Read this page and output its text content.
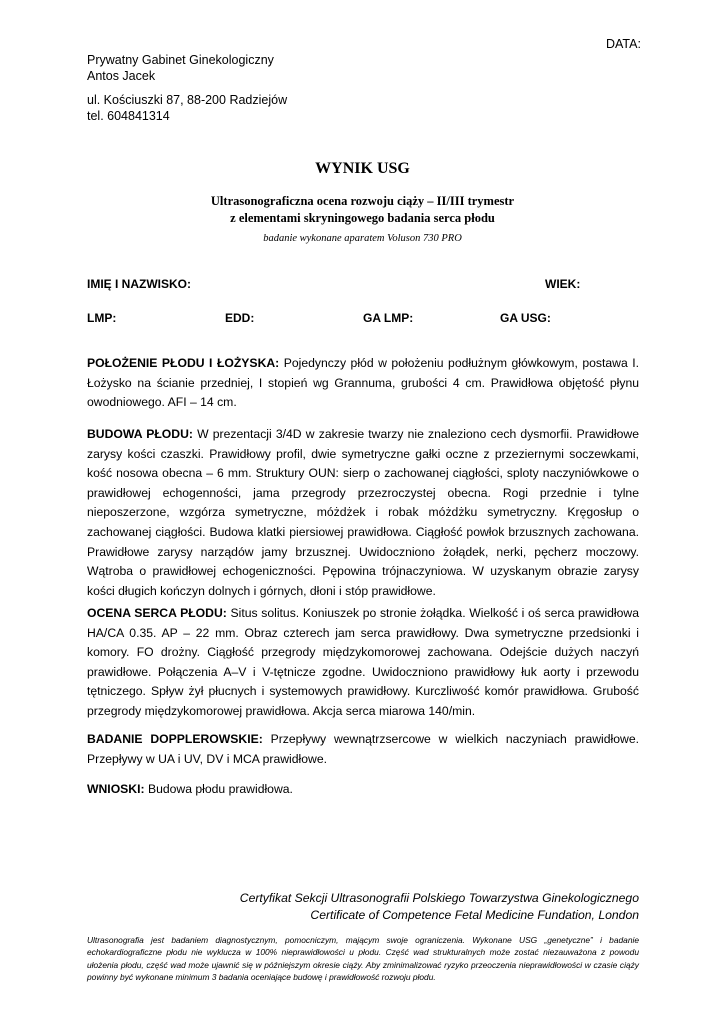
DATA:
Prywatny Gabinet Ginekologiczny
Antos Jacek
ul. Kościuszki 87, 88-200 Radziejów
tel. 604841314
WYNIK USG
Ultrasonograficzna ocena rozwoju ciąży – II/III trymestr
z elementami skryningowego badania serca płodu
badanie wykonane aparatem Voluson 730 PRO
IMIĘ I NAZWISKO:	WIEK:
LMP:	EDD:	GA LMP:	GA USG:

POŁOŻENIE PŁODU I ŁOŻYSKA: Pojedynczy płód w położeniu podłużnym główkowym, postawa I. Łożysko na ścianie przedniej, I stopień wg Grannuma, grubości 4 cm. Prawidłowa objętość płynu owodniowego. AFI – 14 cm.

BUDOWA PŁODU: W prezentacji 3/4D w zakresie twarzy nie znaleziono cech dysmorfii. Prawidłowe zarysy kości czaszki. Prawidłowy profil, dwie symetryczne gałki oczne z przeziernymi soczewkami, kość nosowa obecna – 6 mm. Struktury OUN: sierp o zachowanej ciągłości, sploty naczyniówkowe o prawidłowej echogenności, jama przegrody przezroczystej obecna. Rogi przednie i tylne nieposzerzone, wzgórza symetryczne, móżdżek i robak móżdżku symetryczny. Kręgosłup o zachowanej ciągłości. Budowa klatki piersiowej prawidłowa. Ciągłość powłok brzusznych zachowana. Prawidłowe zarysy narządów jamy brzusznej. Uwidoczniono żołądek, nerki, pęcherz moczowy. Wątroba o prawidłowej echogeniczności. Pępowina trójnaczyniowa. W uzyskanym obrazie zarysy kości długich kończyn dolnych i górnych, dłoni i stóp prawidłowe.

OCENA SERCA PŁODU: Situs solitus. Koniuszek po stronie żołądka. Wielkość i oś serca prawidłowa HA/CA 0.35. AP – 22 mm. Obraz czterech jam serca prawidłowy. Dwa symetryczne przedsionki i komory. FO drożny. Ciągłość przegrody międzykomorowej zachowana. Odejście dużych naczyń prawidłowe. Połączenia A–V i V-tętnicze zgodne. Uwidoczniono prawidłowy łuk aorty i przewodu tętniczego. Spływ żył płucnych i systemowych prawidłowy. Kurczliwość komór prawidłowa. Grubość przegrody międzykomorowej prawidłowa. Akcja serca miarowa 140/min.

BADANIE DOPPLEROWSKIE: Przepływy wewnątrzsercowe w wielkich naczyniach prawidłowe. Przepływy w UA i UV, DV i MCA prawidłowe.

WNIOSKI: Budowa płodu prawidłowa.

Certyfikat Sekcji Ultrasonografii Polskiego Towarzystwa Ginekologicznego
Certificate of Competence Fetal Medicine Fundation, London

Ultrasonografia jest badaniem diagnostycznym, pomocniczym, mającym swoje ograniczenia. Wykonane USG „genetyczne” i badanie echokardiograficzne płodu nie wyklucza w 100% nieprawidłowości u płodu. Część wad strukturalnych może zostać niezauważona z powodu ułożenia płodu, część wad może ujawnić się w późniejszym okresie ciąży. Aby zminimalizować ryzyko przeoczenia nieprawidłowości w czasie ciąży powinny być wykonane minimum 3 badania oceniające budowę i prawidłowość rozwoju płodu.
